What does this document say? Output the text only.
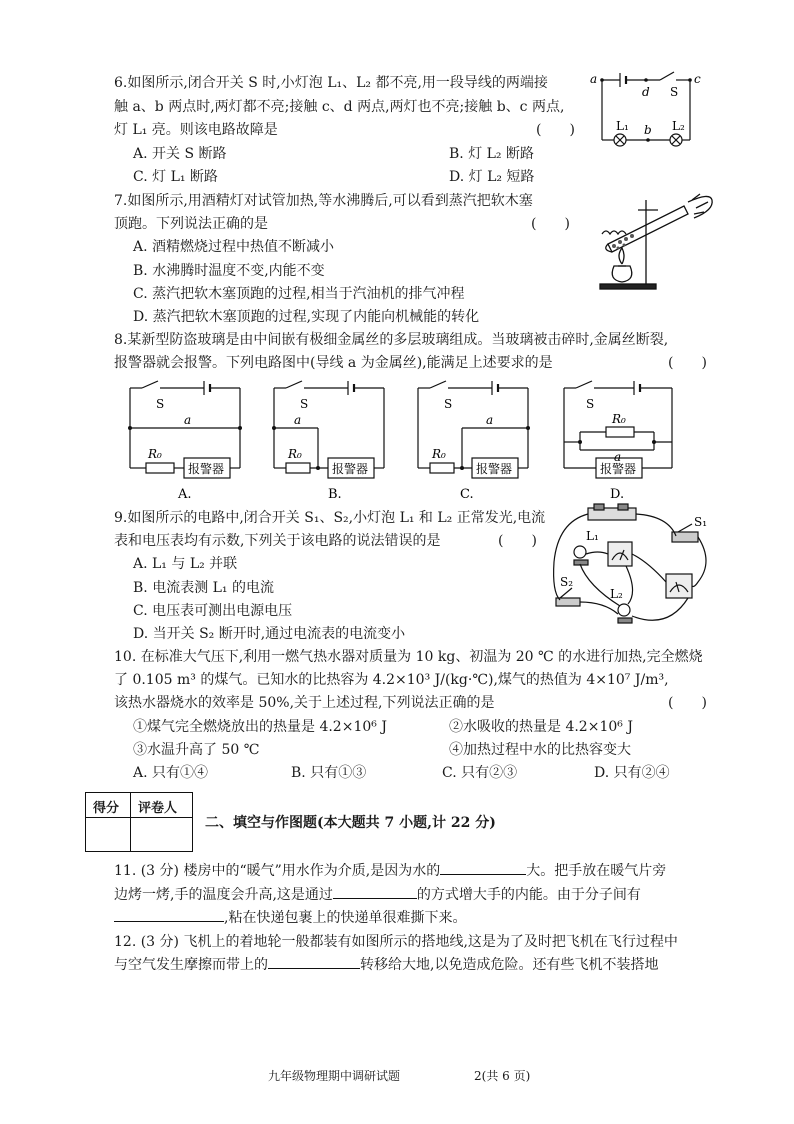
6.如图所示,闭合开关 S 时,小灯泡 L₁、L₂ 都不亮,用一段导线的两端接
触 a、b 两点时,两灯都不亮;接触 c、d 两点,两灯也不亮;接触 b、c 两点,
灯 L₁ 亮。则该电路故障是	(　　)
A. 开关 S 断路	B. 灯 L₂ 断路
C. 灯 L₁ 断路	D. 灯 L₂ 短路
a	c
d S
L₁ b L₂
7.如图所示,用酒精灯对试管加热,等水沸腾后,可以看到蒸汽把软木塞
顶跑。下列说法正确的是	(　　)
A. 酒精燃烧过程中热值不断减小
B. 水沸腾时温度不变,内能不变
C. 蒸汽把软木塞顶跑的过程,相当于汽油机的排气冲程
D. 蒸汽把软木塞顶跑的过程,实现了内能向机械能的转化
8.某新型防盗玻璃是由中间嵌有极细金属丝的多层玻璃组成。当玻璃被击碎时,金属丝断裂,
报警器就会报警。下列电路图中(导线 a 为金属丝),能满足上述要求的是	(　　)
S
a
R₀
报警器
A.
S
a
R₀
报警器
B.
S
a
R₀
报警器
C.
S
R₀
a
报警器
D.
9.如图所示的电路中,闭合开关 S₁、S₂,小灯泡 L₁ 和 L₂ 正常发光,电流
表和电压表均有示数,下列关于该电路的说法错误的是	(　　)
A. L₁ 与 L₂ 并联
B. 电流表测 L₁ 的电流
C. 电压表可测出电源电压
D. 当开关 S₂ 断开时,通过电流表的电流变小
S₁
L₁
S₂
L₂
10. 在标准大气压下,利用一燃气热水器对质量为 10 kg、初温为 20 ℃ 的水进行加热,完全燃烧
了 0.105 m³ 的煤气。已知水的比热容为 4.2×10³ J/(kg·℃),煤气的热值为 4×10⁷ J/m³,
该热水器烧水的效率是 50%,关于上述过程,下列说法正确的是	(　　)
①煤气完全燃烧放出的热量是 4.2×10⁶ J	②水吸收的热量是 4.2×10⁶ J
③水温升高了 50 ℃	④加热过程中水的比热容变大
A. 只有①④	B. 只有①③	C. 只有②③	D. 只有②④
得分 评卷人
二、填空与作图题(本大题共 7 小题,计 22 分)
11. (3 分) 楼房中的“暖气”用水作为介质,是因为水的	大。把手放在暖气片旁
边烤一烤,手的温度会升高,这是通过	的方式增大手的内能。由于分子间有
,粘在快递包裹上的快递单很难撕下来。
12. (3 分) 飞机上的着地轮一般都装有如图所示的搭地线,这是为了及时把飞机在飞行过程中
与空气发生摩擦而带上的	转移给大地,以免造成危险。还有些飞机不装搭地
九年级物理期中调研试题	2(共 6 页)
